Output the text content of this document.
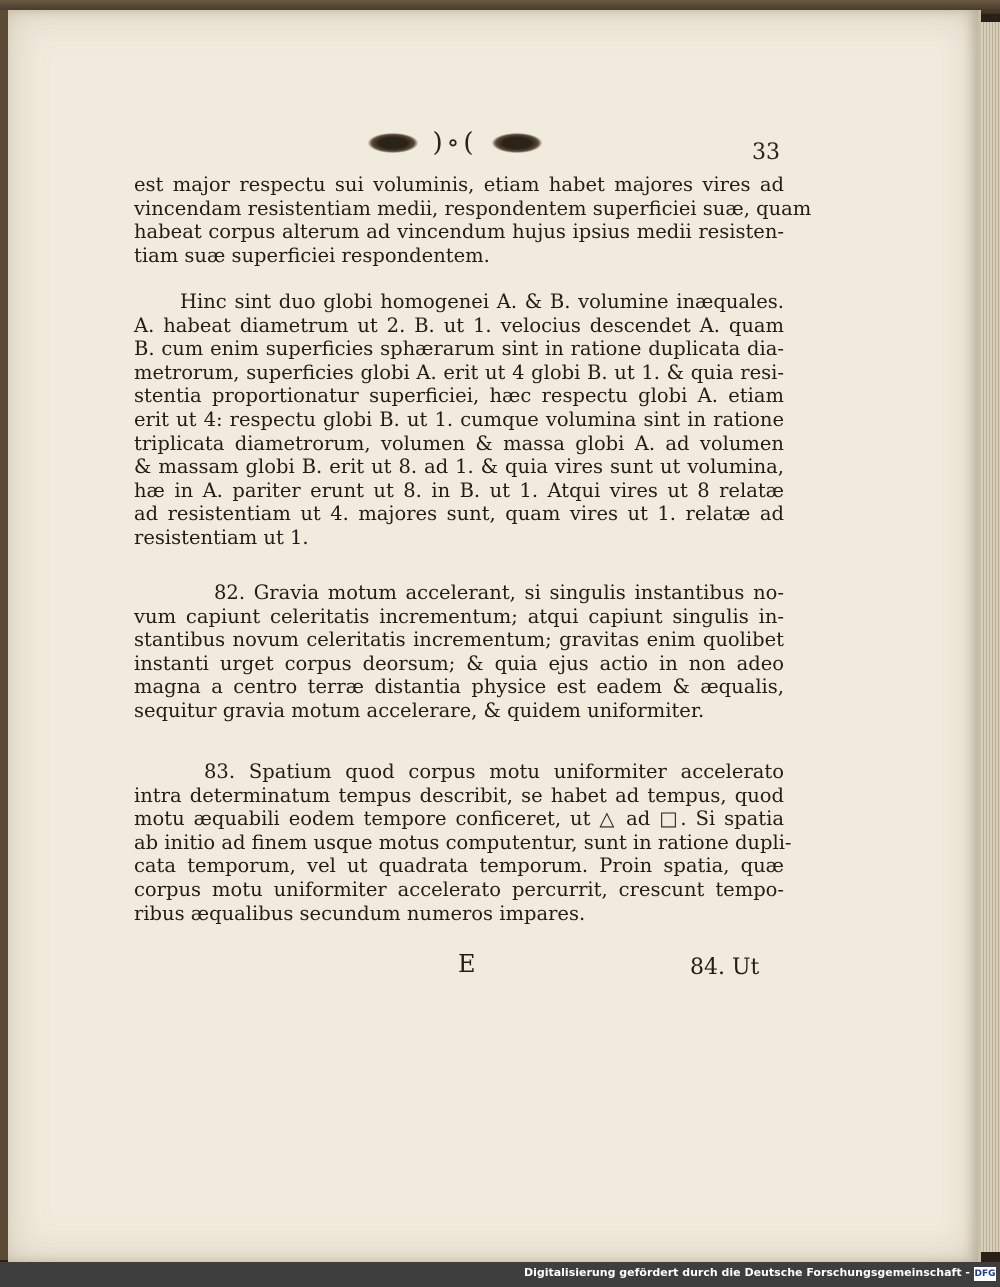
)∘(	33
est major respectu sui voluminis, etiam habet majores vires ad
vincendam resistentiam medii, respondentem superficiei suæ, quam
habeat corpus alterum ad vincendum hujus ipsius medii resisten-
tiam suæ superficiei respondentem.
Hinc sint duo globi homogenei A. & B. volumine inæquales.
A. habeat diametrum ut 2. B. ut 1. velocius descendet A. quam
B. cum enim superficies sphærarum sint in ratione duplicata dia-
metrorum, superficies globi A. erit ut 4 globi B. ut 1. & quia resi-
stentia proportionatur superficiei, hæc respectu globi A. etiam
erit ut 4: respectu globi B. ut 1. cumque volumina sint in ratione
triplicata diametrorum, volumen & massa globi A. ad volumen
& massam globi B. erit ut 8. ad 1. & quia vires sunt ut volumina,
hæ in A. pariter erunt ut 8. in B. ut 1. Atqui vires ut 8 relatæ
ad resistentiam ut 4. majores sunt, quam vires ut 1. relatæ ad
resistentiam ut 1.
82. Gravia motum accelerant, si singulis instantibus no-
vum capiunt celeritatis incrementum; atqui capiunt singulis in-
stantibus novum celeritatis incrementum; gravitas enim quolibet
instanti urget corpus deorsum; & quia ejus actio in non adeo
magna a centro terræ distantia physice est eadem & æqualis,
sequitur gravia motum accelerare, & quidem uniformiter.
83. Spatium quod corpus motu uniformiter accelerato
intra determinatum tempus describit, se habet ad tempus, quod
motu æquabili eodem tempore conficeret, ut △ ad □. Si spatia
ab initio ad finem usque motus computentur, sunt in ratione dupli-
cata temporum, vel ut quadrata temporum. Proin spatia, quæ
corpus motu uniformiter accelerato percurrit, crescunt tempo-
ribus æqualibus secundum numeros impares.
E	84. Ut
Digitalisierung gefördert durch die Deutsche Forschungsgemeinschaft - DFG
